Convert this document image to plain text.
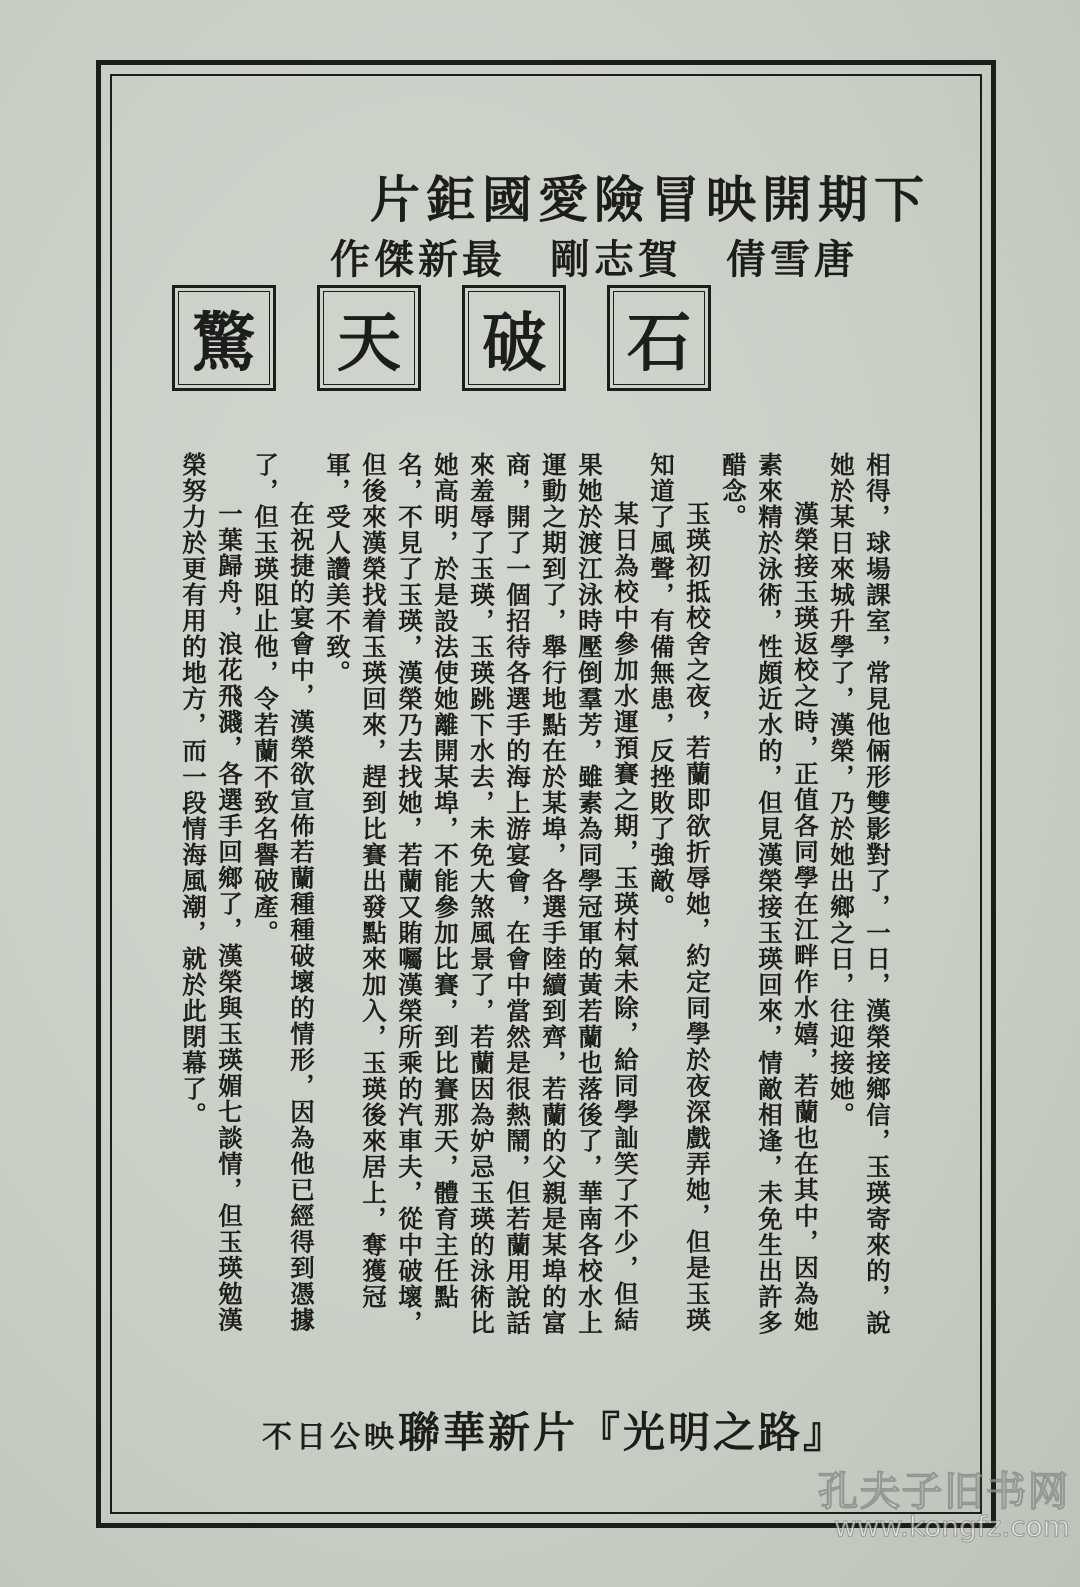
片鉅國愛險冒映開期下
作傑新最　剛志賀　倩雪唐
驚	天	破	石

相得，球場課室，常見他倆形雙影對了，一日，漢榮接鄉信，玉瑛寄來的，說她於某日來城升學了，漢榮，乃於她出鄉之日，往迎接她。

漢榮接玉瑛返校之時，正值各同學在江畔作水嬉，若蘭也在其中，因為她素來精於泳術，性頗近水的，但見漢榮接玉瑛回來，情敵相逢，未免生出許多醋念。

玉瑛初抵校舍之夜，若蘭即欲折辱她，約定同學於夜深戲弄她，但是玉瑛知道了風聲，有備無患，反挫敗了強敵。

某日為校中參加水運預賽之期，玉瑛村氣未除，給同學訕笑了不少，但結果她於渡江泳時壓倒羣芳，雖素為同學冠軍的黃若蘭也落後了，華南各校水上運動之期到了，舉行地點在於某埠，各選手陸續到齊，若蘭的父親是某埠的富商，開了一個招待各選手的海上游宴會，在會中當然是很熱鬧，但若蘭用說話來羞辱了玉瑛，玉瑛跳下水去，未免大煞風景了，若蘭因為妒忌玉瑛的泳術比她高明，於是設法使她離開某埠，不能參加比賽，到比賽那天，體育主任點名，不見了玉瑛，漢榮乃去找她，若蘭又賄囑漢榮所乘的汽車夫，從中破壞，但後來漢榮找着玉瑛回來，趕到比賽出發點來加入，玉瑛後來居上，奪獲冠軍，受人讚美不致。

在祝捷的宴會中，漢榮欲宣佈若蘭種種破壞的情形，因為他已經得到憑據了，但玉瑛阻止他，令若蘭不致名譽破產。

一葉歸舟，浪花飛濺，各選手回鄉了，漢榮與玉瑛媚七談情，但玉瑛勉漢榮努力於更有用的地方，而一段情海風潮，就於此閉幕了。

不日公映聯華新片『光明之路』
孔夫子旧书网
www.kongfz.com
